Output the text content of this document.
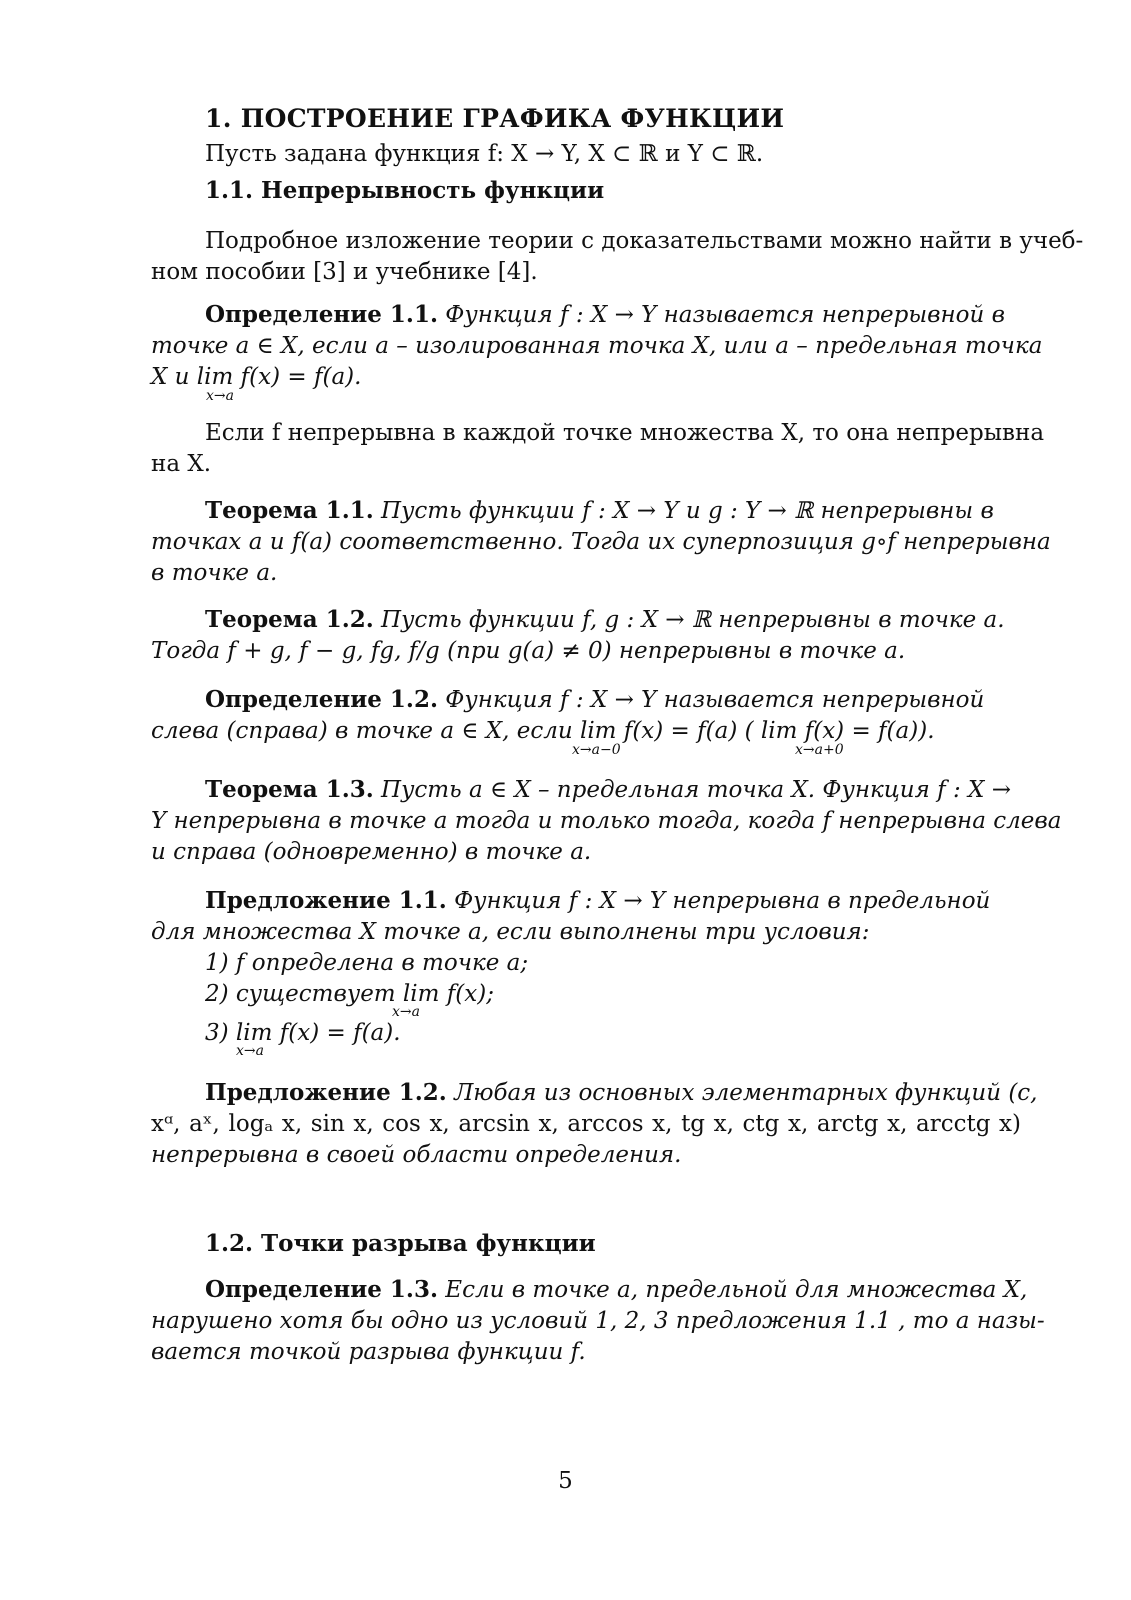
1. ПОСТРОЕНИЕ ГРАФИКА ФУНКЦИИ
Пусть задана функция f: X → Y, X ⊂ ℝ и Y ⊂ ℝ.
1.1. Непрерывность функции
Подробное изложение теории с доказательствами можно найти в учеб-
ном пособии [3] и учебнике [4].
Определение 1.1. Функция f : X → Y называется непрерывной в
точке a ∈ X, если a – изолированная точка X, или a – предельная точка
X и lim f(x) = f(a).
x→a
Если f непрерывна в каждой точке множества X, то она непрерывна
на X.
Теорема 1.1. Пусть функции f : X → Y и g : Y → ℝ непрерывны в
точках a и f(a) соответственно. Тогда их суперпозиция g∘f непрерывна
в точке a.
Теорема 1.2. Пусть функции f, g : X → ℝ непрерывны в точке a.
Тогда f + g, f − g, fg, f/g (при g(a) ≠ 0) непрерывны в точке a.
Определение 1.2. Функция f : X → Y называется непрерывной
слева (справа) в точке a ∈ X, если lim f(x) = f(a) ( lim f(x) = f(a)).
x→a−0	x→a+0
Теорема 1.3. Пусть a ∈ X – предельная точка X. Функция f : X →
Y непрерывна в точке a тогда и только тогда, когда f непрерывна слева
и справа (одновременно) в точке a.
Предложение 1.1. Функция f : X → Y непрерывна в предельной
для множества X точке a, если выполнены три условия:
1) f определена в точке a;
2) существует lim f(x);
x→a
3) lim f(x) = f(a).
x→a
Предложение 1.2. Любая из основных элементарных функций (c,
xᵅ, aˣ, logₐ x, sin x, cos x, arcsin x, arccos x, tg x, ctg x, arctg x, arcctg x)
непрерывна в своей области определения.
1.2. Точки разрыва функции
Определение 1.3. Если в точке a, предельной для множества X,
нарушено хотя бы одно из условий 1, 2, 3 предложения 1.1 , то a назы-
вается точкой разрыва функции f.
5
